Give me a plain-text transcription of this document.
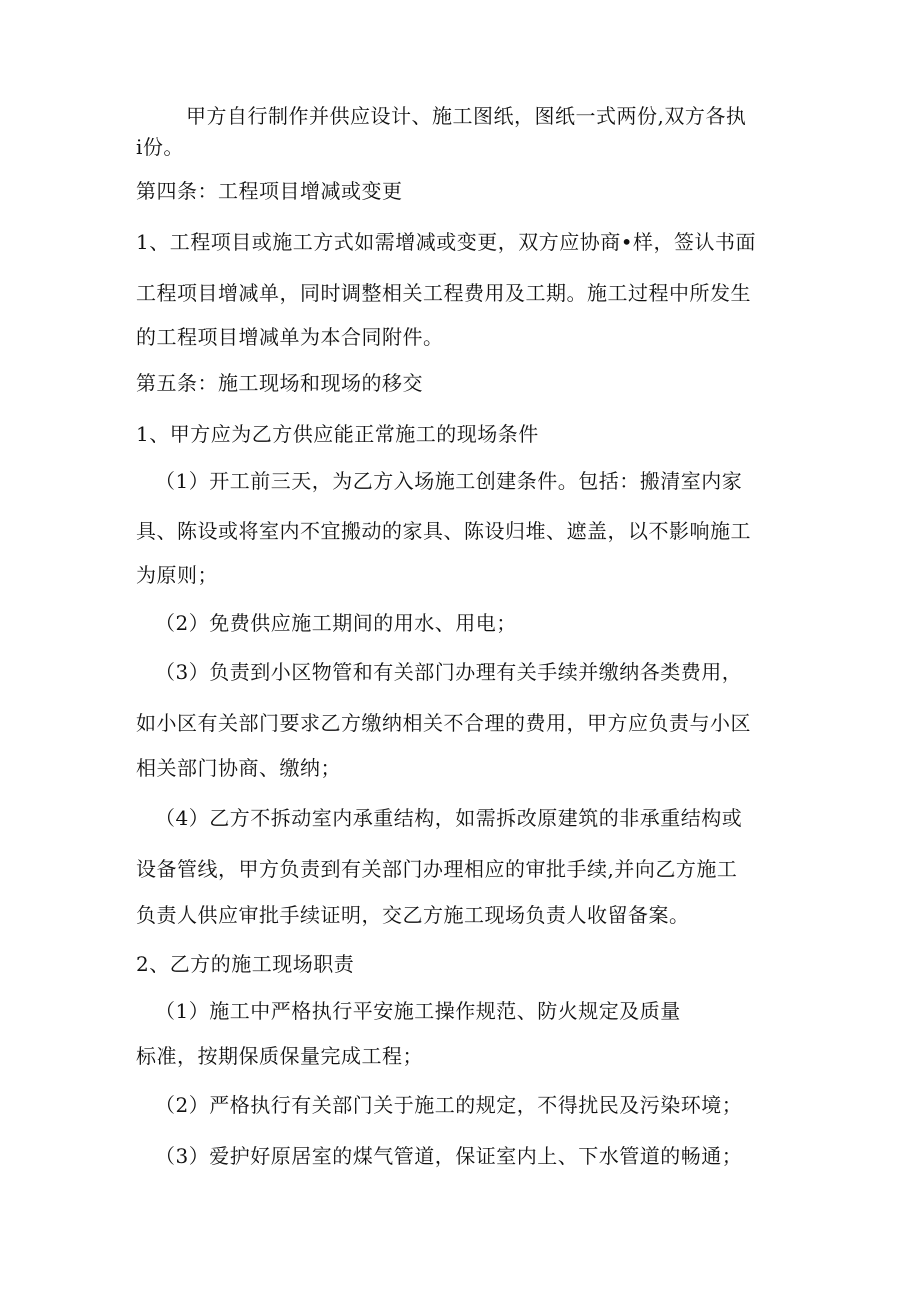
甲方自行制作并供应设计、施工图纸，图纸一式两份,双方各执
i份。
第四条：工程项目增减或变更
1、工程项目或施工方式如需增减或变更，双方应协商•样，签认书面
工程项目增减单，同时调整相关工程费用及工期。施工过程中所发生
的工程项目增减单为本合同附件。
第五条：施工现场和现场的移交
1、甲方应为乙方供应能正常施工的现场条件
（1）开工前三天，为乙方入场施工创建条件。包括：搬清室内家
具、陈设或将室内不宜搬动的家具、陈设归堆、遮盖，以不影响施工
为原则；
（2）免费供应施工期间的用水、用电；
（3）负责到小区物管和有关部门办理有关手续并缴纳各类费用，
如小区有关部门要求乙方缴纳相关不合理的费用，甲方应负责与小区
相关部门协商、缴纳；
（4）乙方不拆动室内承重结构，如需拆改原建筑的非承重结构或
设备管线，甲方负责到有关部门办理相应的审批手续,并向乙方施工
负责人供应审批手续证明，交乙方施工现场负责人收留备案。
2、乙方的施工现场职责
（1）施工中严格执行平安施工操作规范、防火规定及质量
标准，按期保质保量完成工程；
（2）严格执行有关部门关于施工的规定，不得扰民及污染环境；
（3）爱护好原居室的煤气管道，保证室内上、下水管道的畅通；
